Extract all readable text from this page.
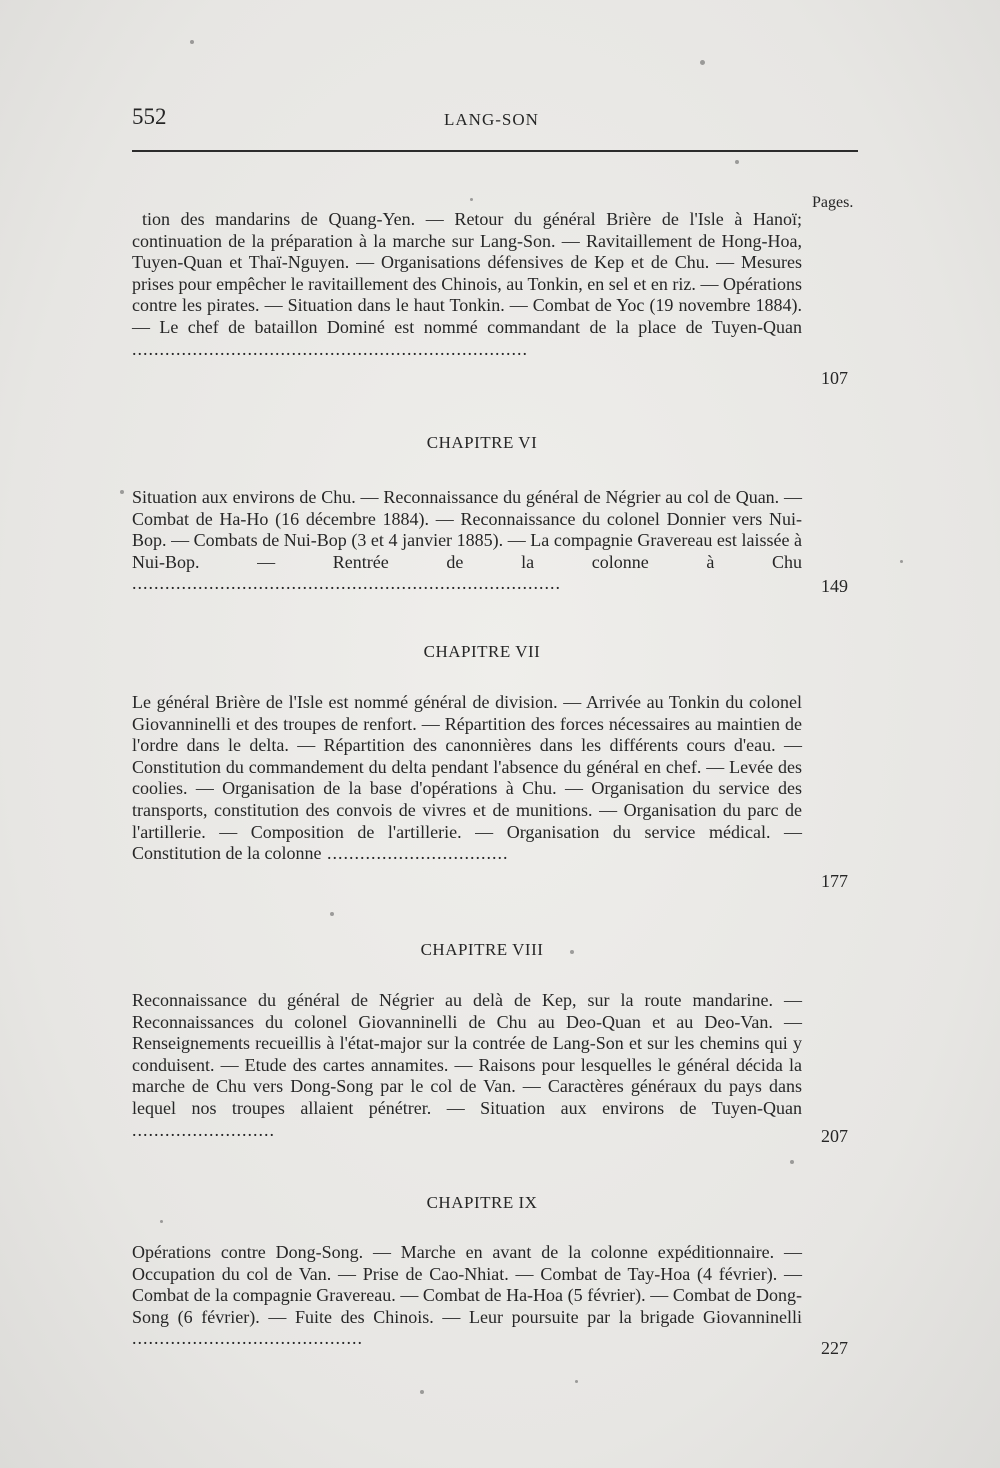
552	LANG-SON
Pages.
tion des mandarins de Quang-Yen. — Retour du général Brière de l'Isle à Hanoï; continuation de la préparation à la marche sur Lang-Son. — Ravitaillement de Hong-Hoa, Tuyen-Quan et Thaï-Nguyen. — Organisations défensives de Kep et de Chu. — Mesures prises pour empêcher le ravitaillement des Chinois, au Tonkin, en sel et en riz. — Opérations contre les pirates. — Situation dans le haut Tonkin. — Combat de Yoc (19 novembre 1884). — Le chef de bataillon Dominé est nommé commandant de la place de Tuyen-Quan ........................................................................
107
CHAPITRE VI
Situation aux environs de Chu. — Reconnaissance du général de Négrier au col de Quan. — Combat de Ha-Ho (16 décembre 1884). — Reconnaissance du colonel Donnier vers Nui-Bop. — Combats de Nui-Bop (3 et 4 janvier 1885). — La compagnie Gravereau est laissée à Nui-Bop. — Rentrée de la colonne à Chu ..............................................................................	149
CHAPITRE VII
Le général Brière de l'Isle est nommé général de division. — Arrivée au Tonkin du colonel Giovanninelli et des troupes de renfort. — Répartition des forces nécessaires au maintien de l'ordre dans le delta. — Répartition des canonnières dans les différents cours d'eau. — Constitution du commandement du delta pendant l'absence du général en chef. — Levée des coolies. — Organisation de la base d'opérations à Chu. — Organisation du service des transports, constitution des convois de vivres et de munitions. — Organisation du parc de l'artillerie. — Composition de l'artillerie. — Organisation du service médical. — Constitution de la colonne .................................
177
CHAPITRE VIII
Reconnaissance du général de Négrier au delà de Kep, sur la route mandarine. — Reconnaissances du colonel Giovanninelli de Chu au Deo-Quan et au Deo-Van. — Renseignements recueillis à l'état-major sur la contrée de Lang-Son et sur les chemins qui y conduisent. — Etude des cartes annamites. — Raisons pour lesquelles le général décida la marche de Chu vers Dong-Song par le col de Van. — Caractères généraux du pays dans lequel nos troupes allaient pénétrer. — Situation aux environs de Tuyen-Quan ..........................	207
CHAPITRE IX
Opérations contre Dong-Song. — Marche en avant de la colonne expéditionnaire. — Occupation du col de Van. — Prise de Cao-Nhiat. — Combat de Tay-Hoa (4 février). — Combat de la compagnie Gravereau. — Combat de Ha-Hoa (5 février). — Combat de Dong-Song (6 février). — Fuite des Chinois. — Leur poursuite par la brigade Giovanninelli ..........................................	227
